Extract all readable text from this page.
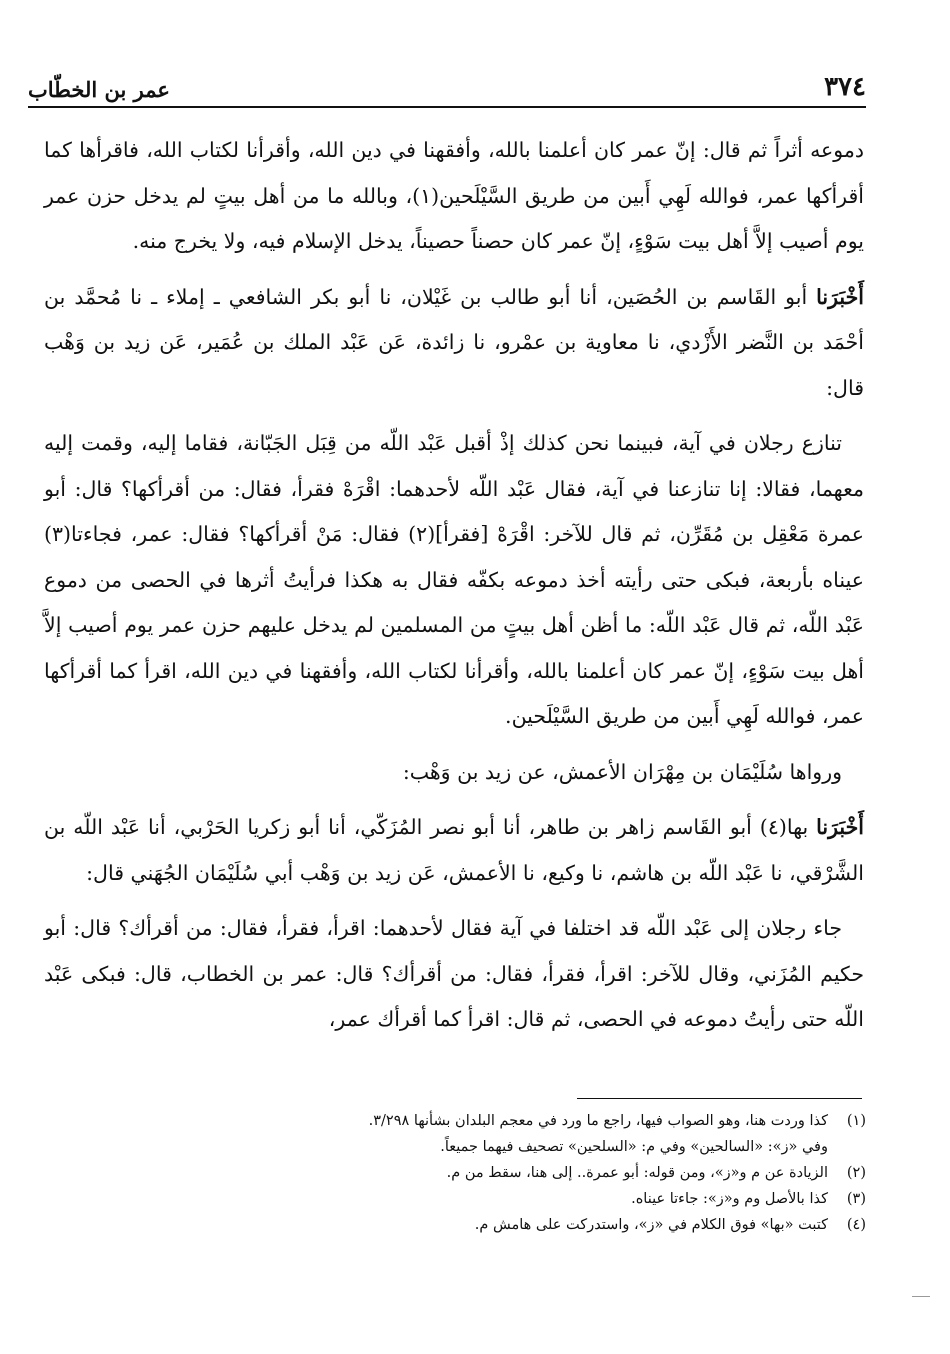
٣٧٤
عمر بن الخطّاب

دموعه أثراً ثم قال: إنّ عمر كان أعلمنا بالله، وأفقهنا في دين الله، وأقرأنا لكتاب الله، فاقرأها كما أقرأكها عمر، فوالله لَهِي أَبين من طريق السَّيْلَحين(١)، وبالله ما من أهل بيتٍ لم يدخل حزن عمر يوم أصيب إلاَّ أهل بيت سَوْءٍ، إنّ عمر كان حصناً حصيناً، يدخل الإسلام فيه، ولا يخرج منه.

أَخْبَرَنا أبو القَاسم بن الحُصَين، أنا أبو طالب بن غَيْلان، نا أبو بكر الشافعي ـ إملاء ـ نا مُحمَّد بن أحْمَد بن النَّضر الأَزْدي، نا معاوية بن عمْرو، نا زائدة، عَن عَبْد الملك بن عُمَير، عَن زيد بن وَهْب قال:

تنازع رجلان في آية، فبينما نحن كذلك إذْ أقبل عَبْد اللّه من قِبَل الجَبّانة، فقاما إليه، وقمت إليه معهما، فقالا: إنا تنازعنا في آية، فقال عَبْد اللّه لأحدهما: اقْرَهْ فقرأ، فقال: من أقرأكها؟ قال: أبو عمرة مَعْقِل بن مُقَرِّن، ثم قال للآخر: اقْرَهْ [فقرأ](٢) فقال: مَنْ أقرأكها؟ فقال: عمر، فجاءتا(٣) عيناه بأربعة، فبكى حتى رأيته أخذ دموعه بكفّه فقال به هكذا فرأيتُ أثرها في الحصى من دموع عَبْد اللّه، ثم قال عَبْد اللّه: ما أظن أهل بيتٍ من المسلمين لم يدخل عليهم حزن عمر يوم أصيب إلاَّ أهل بيت سَوْءٍ، إنّ عمر كان أعلمنا بالله، وأقرأنا لكتاب الله، وأفقهنا في دين الله، اقرأ كما أقرأكها عمر، فوالله لَهِي أَبين من طريق السَّيْلَحين.

ورواها سُلَيْمَان بن مِهْرَان الأعمش، عن زيد بن وَهْب:

أَخْبَرَنا بها(٤) أبو القَاسم زاهر بن طاهر، أنا أبو نصر المُزَكّي، أنا أبو زكريا الحَرْبي، أنا عَبْد اللّه بن الشَّرْقي، نا عَبْد اللّه بن هاشم، نا وكيع، نا الأعمش، عَن زيد بن وَهْب أبي سُلَيْمَان الجُهَني قال:

جاء رجلان إلى عَبْد اللّه قد اختلفا في آية فقال لأحدهما: اقرأ، فقرأ، فقال: من أقرأك؟ قال: أبو حكيم المُزَني، وقال للآخر: اقرأ، فقرأ، فقال: من أقرأك؟ قال: عمر بن الخطاب، قال: فبكى عَبْد اللّه حتى رأيتُ دموعه في الحصى، ثم قال: اقرأ كما أقرأك عمر،

(١)
كذا وردت هنا، وهو الصواب فيها، راجع ما ورد في معجم البلدان بشأنها ٣/٢٩٨.
وفي «ز»: «السالحين» وفي م: «السلحين» تصحيف فيهما جميعاً.
(٢)
الزيادة عن م و«ز»، ومن قوله: أبو عمرة.. إلى هنا، سقط من م.
(٣)
كذا بالأصل وم و«ز»: جاءتا عيناه.
(٤)
كتبت «بها» فوق الكلام في «ز»، واستدركت على هامش م.
